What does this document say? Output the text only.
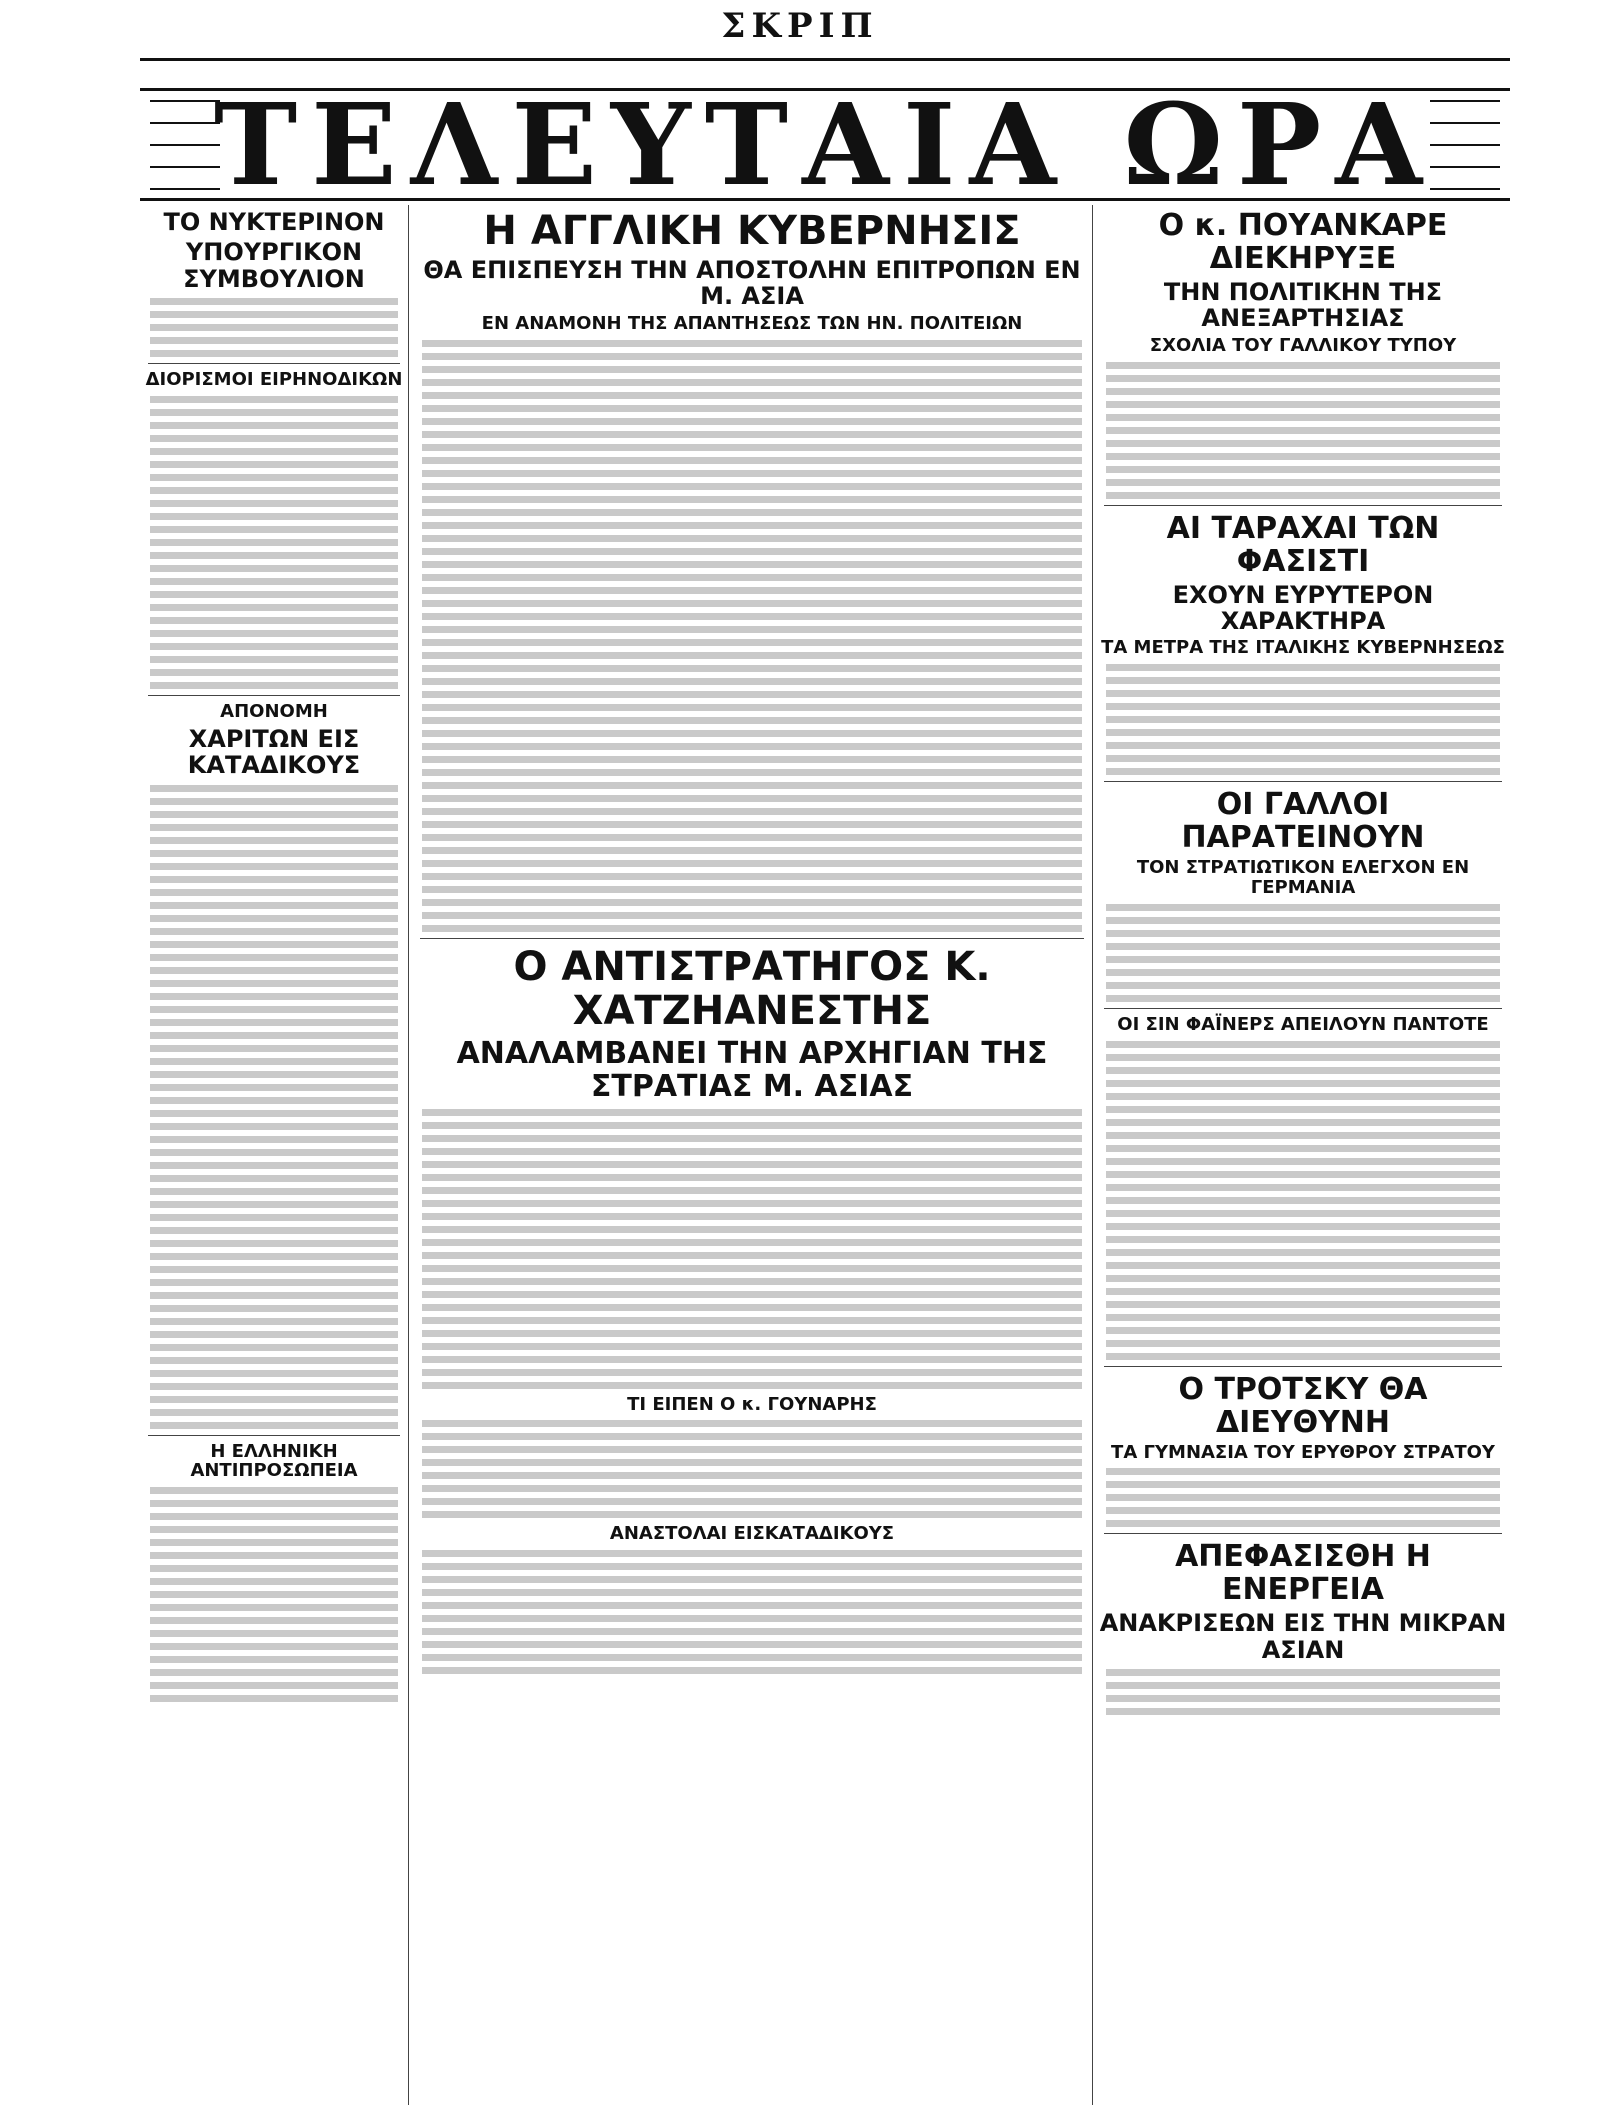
ΣΚΡΙΠ
ΤΕΛΕΥΤΑΙΑ ΩΡΑ
ΤΟ ΝΥΚΤΕΡΙΝΟΝ
ΥΠΟΥΡΓΙΚΟΝ ΣΥΜΒΟΥΛΙΟΝ
ΔΙΟΡΙΣΜΟΙ ΕΙΡΗΝΟΔΙΚΩΝ
ΑΠΟΝΟΜΗ
ΧΑΡΙΤΩΝ ΕΙΣ ΚΑΤΑΔΙΚΟΥΣ
Η ΕΛΛΗΝΙΚΗ ΑΝΤΙΠΡΟΣΩΠΕΙΑ
Η ΑΓΓΛΙΚΗ ΚΥΒΕΡΝΗΣΙΣ
ΘΑ ΕΠΙΣΠΕΥΣΗ ΤΗΝ ΑΠΟΣΤΟΛΗΝ ΕΠΙΤΡΟΠΩΝ ΕΝ Μ. ΑΣΙΑ
ΕΝ ΑΝΑΜΟΝΗ ΤΗΣ ΑΠΑΝΤΗΣΕΩΣ ΤΩΝ ΗΝ. ΠΟΛΙΤΕΙΩΝ
Ο ΑΝΤΙΣΤΡΑΤΗΓΟΣ Κ. ΧΑΤΖΗΑΝΕΣΤΗΣ
ΑΝΑΛΑΜΒΑΝΕΙ ΤΗΝ ΑΡΧΗΓΙΑΝ ΤΗΣ ΣΤΡΑΤΙΑΣ Μ. ΑΣΙΑΣ
ΤΙ ΕΙΠΕΝ Ο κ. ΓΟΥΝΑΡΗΣ
ΑΝΑΣΤΟΛΑΙ ΕΙΣΚΑΤΑΔΙΚΟΥΣ
Ο κ. ΠΟΥΑΝΚΑΡΕ ΔΙΕΚΗΡΥΞΕ
ΤΗΝ ΠΟΛΙΤΙΚΗΝ ΤΗΣ ΑΝΕΞΑΡΤΗΣΙΑΣ
ΣΧΟΛΙΑ ΤΟΥ ΓΑΛΛΙΚΟΥ ΤΥΠΟΥ
ΑΙ ΤΑΡΑΧΑΙ ΤΩΝ ΦΑΣΙΣΤΙ
ΕΧΟΥΝ ΕΥΡΥΤΕΡΟΝ ΧΑΡΑΚΤΗΡΑ
ΤΑ ΜΕΤΡΑ ΤΗΣ ΙΤΑΛΙΚΗΣ ΚΥΒΕΡΝΗΣΕΩΣ
ΟΙ ΓΑΛΛΟΙ ΠΑΡΑΤΕΙΝΟΥΝ
ΤΟΝ ΣΤΡΑΤΙΩΤΙΚΟΝ ΕΛΕΓΧΟΝ ΕΝ ΓΕΡΜΑΝΙΑ
ΟΙ ΣΙΝ ΦΑΪΝΕΡΣ ΑΠΕΙΛΟΥΝ ΠΑΝΤΟΤΕ
Ο ΤΡΟΤΣΚΥ ΘΑ ΔΙΕΥΘΥΝΗ
ΤΑ ΓΥΜΝΑΣΙΑ ΤΟΥ ΕΡΥΘΡΟΥ ΣΤΡΑΤΟΥ
ΑΠΕΦΑΣΙΣΘΗ Η ΕΝΕΡΓΕΙΑ
ΑΝΑΚΡΙΣΕΩΝ ΕΙΣ ΤΗΝ ΜΙΚΡΑΝ ΑΣΙΑΝ
